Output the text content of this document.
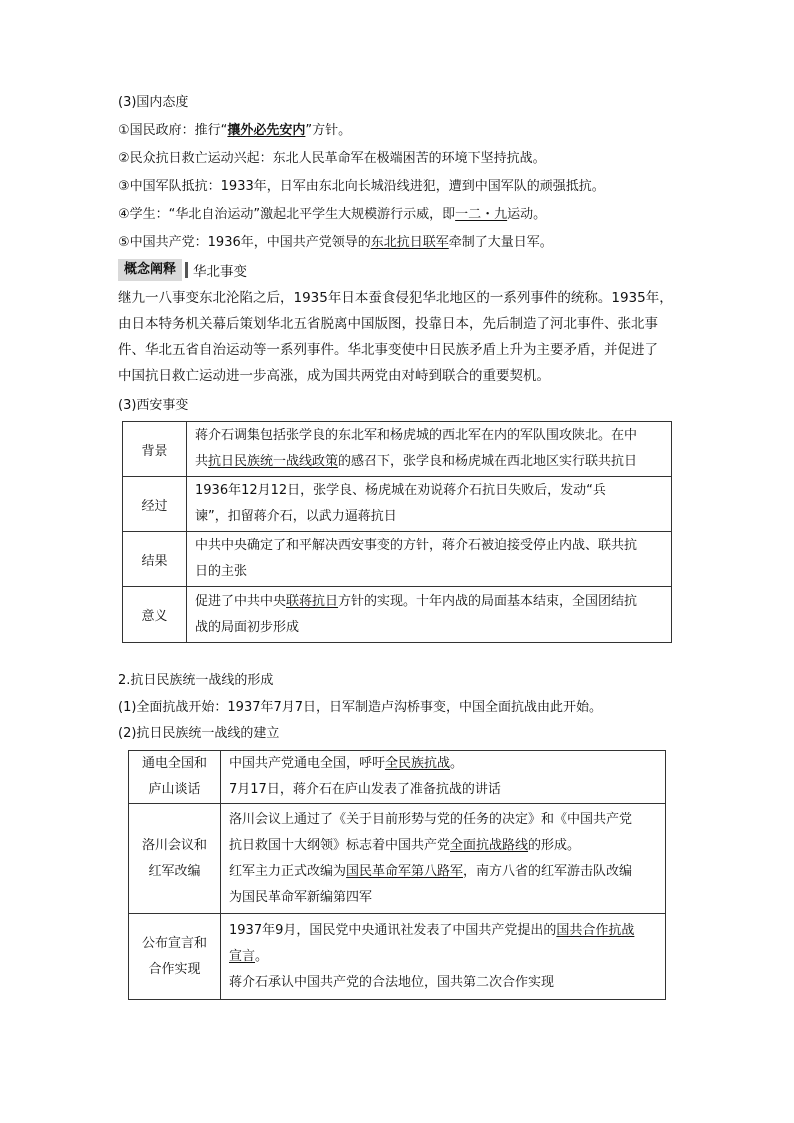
(3)国内态度
①国民政府：推行“攘外必先安内”方针。
②民众抗日救亡运动兴起：东北人民革命军在极端困苦的环境下坚持抗战。
③中国军队抵抗：1933年，日军由东北向长城沿线进犯，遭到中国军队的顽强抵抗。
④学生：“华北自治运动”激起北平学生大规模游行示威，即一二・九运动。
⑤中国共产党：1936年，中国共产党领导的东北抗日联军牵制了大量日军。
概念阐释	华北事变
继九一八事变东北沦陷之后，1935年日本蚕食侵犯华北地区的一系列事件的统称。1935年，
由日本特务机关幕后策划华北五省脱离中国版图，投靠日本，先后制造了河北事件、张北事
件、华北五省自治运动等一系列事件。华北事变使中日民族矛盾上升为主要矛盾，并促进了
中国抗日救亡运动进一步高涨，成为国共两党由对峙到联合的重要契机。
(3)西安事变
背景	蒋介石调集包括张学良的东北军和杨虎城的西北军在内的军队围攻陕北。在中
共抗日民族统一战线政策的感召下，张学良和杨虎城在西北地区实行联共抗日

经过	1936年12月12日，张学良、杨虎城在劝说蒋介石抗日失败后，发动“兵
谏”，扣留蒋介石，以武力逼蒋抗日

结果	中共中央确定了和平解决西安事变的方针，蒋介石被迫接受停止内战、联共抗
日的主张

意义	促进了中共中央联蒋抗日方针的实现。十年内战的局面基本结束，全国团结抗
战的局面初步形成
2.抗日民族统一战线的形成
(1)全面抗战开始：1937年7月7日，日军制造卢沟桥事变，中国全面抗战由此开始。
(2)抗日民族统一战线的建立
通电全国和
庐山谈话	中国共产党通电全国，呼吁全民族抗战。
7月17日，蒋介石在庐山发表了准备抗战的讲话

洛川会议和
红军改编	洛川会议上通过了《关于目前形势与党的任务的决定》和《中国共产党
抗日救国十大纲领》标志着中国共产党全面抗战路线的形成。
红军主力正式改编为国民革命军第八路军，南方八省的红军游击队改编
为国民革命军新编第四军

公布宣言和
合作实现	1937年9月，国民党中央通讯社发表了中国共产党提出的国共合作抗战
宣言。
蒋介石承认中国共产党的合法地位，国共第二次合作实现
